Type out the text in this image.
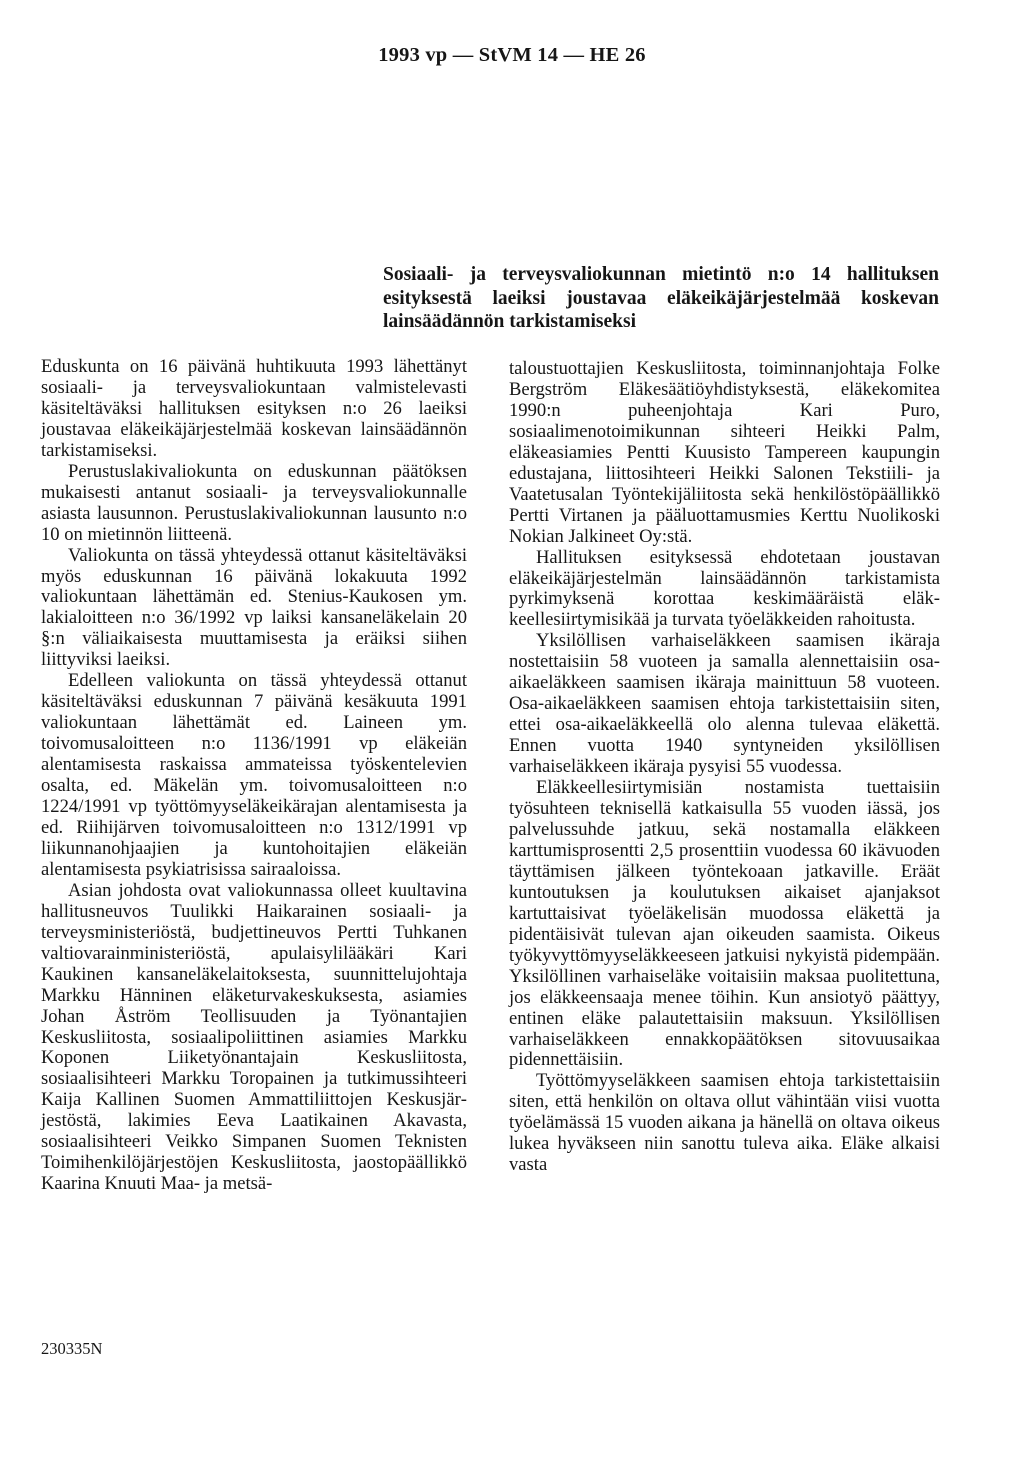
1993 vp — StVM 14 — HE 26
Sosiaali- ja terveysvaliokunnan mietintö n:o 14 hallituksen esityksestä laeiksi joustavaa eläkeikäjärjestelmää koskevan lainsäädännön tarkistamiseksi

Eduskunta on 16 päivänä huhtikuuta 1993 lähettänyt sosiaali- ja terveysvaliokuntaan valmistelevasti käsiteltäväksi hallituksen esityksen n:o 26 laeiksi joustavaa eläkeikäjärjestelmää koskevan lainsäädännön tarkistamiseksi.

Perustuslakivaliokunta on eduskunnan päätöksen mukaisesti antanut sosiaali- ja terveysvaliokunnalle asiasta lausunnon. Perustuslakivaliokunnan lausunto n:o 10 on mietinnön liitteenä.

Valiokunta on tässä yhteydessä ottanut käsiteltäväksi myös eduskunnan 16 päivänä lokakuuta 1992 valiokuntaan lähettämän ed. Stenius-Kaukosen ym. lakialoitteen n:o 36/1992 vp laiksi kansaneläkelain 20 §:n väliaikaisesta muuttamisesta ja eräiksi siihen liittyviksi laeiksi.

Edelleen valiokunta on tässä yhteydessä ottanut käsiteltäväksi eduskunnan 7 päivänä kesäkuuta 1991 valiokuntaan lähettämät ed. Laineen ym. toivomusaloitteen n:o 1136/1991 vp eläkeiän alentamisesta raskaissa ammateissa työskentelevien osalta, ed. Mäkelän ym. toivomusaloitteen n:o 1224/1991 vp työttömyyseläkeikärajan alentamisesta ja ed. Riihijärven toivomusaloitteen n:o 1312/1991 vp liikunnanohjaajien ja kuntohoitajien eläkeiän alentamisesta psykiatrisissa sairaaloissa.

Asian johdosta ovat valiokunnassa olleet kuultavina hallitusneuvos Tuulikki Haikarainen sosiaali- ja terveysministeriöstä, budjettineuvos Pertti Tuhkanen valtiovarainministeriöstä, apulaisylilääkäri Kari Kaukinen kansaneläkelaitoksesta, suunnittelujohtaja Markku Hänninen eläketurvakeskuksesta, asiamies Johan Åström Teollisuuden ja Työnantajien Keskusliitosta, sosiaalipoliittinen asiamies Markku Koponen Liiketyönantajain Keskusliitosta, sosiaalisihteeri Markku Toropainen ja tutkimussihteeri Kaija Kallinen Suomen Ammattiliittojen Keskusjärjestöstä, lakimies Eeva Laatikainen Akavasta, sosiaalisihteeri Veikko Simpanen Suomen Teknisten Toimihenkilöjärjestöjen Keskusliitosta, jaostopäällikkö Kaarina Knuuti Maa- ja metsä-

taloustuottajien Keskusliitosta, toiminnanjohtaja Folke Bergström Eläkesäätiöyhdistyksestä, eläkekomitea 1990:n puheenjohtaja Kari Puro, sosiaalimenotoimikunnan sihteeri Heikki Palm, eläkeasiamies Pentti Kuusisto Tampereen kaupungin edustajana, liittosihteeri Heikki Salonen Tekstiili- ja Vaatetusalan Työntekijäliitosta sekä henkilöstöpäällikkö Pertti Virtanen ja pääluottamusmies Kerttu Nuolikoski Nokian Jalkineet Oy:stä.

Hallituksen esityksessä ehdotetaan joustavan eläkeikäjärjestelmän lainsäädännön tarkistamista pyrkimyksenä korottaa keskimääräistä eläkkeellesiirtymisikää ja turvata työeläkkeiden rahoitusta.

Yksilöllisen varhaiseläkkeen saamisen ikäraja nostettaisiin 58 vuoteen ja samalla alennettaisiin osa-aikaeläkkeen saamisen ikäraja mainittuun 58 vuoteen. Osa-aikaeläkkeen saamisen ehtoja tarkistettaisiin siten, ettei osa-aikaeläkkeellä olo alenna tulevaa eläkettä. Ennen vuotta 1940 syntyneiden yksilöllisen varhaiseläkkeen ikäraja pysyisi 55 vuodessa.

Eläkkeellesiirtymisiän nostamista tuettaisiin työsuhteen teknisellä katkaisulla 55 vuoden iässä, jos palvelussuhde jatkuu, sekä nostamalla eläkkeen karttumisprosentti 2,5 prosenttiin vuodessa 60 ikävuoden täyttämisen jälkeen työntekoaan jatkaville. Eräät kuntoutuksen ja koulutuksen aikaiset ajanjaksot kartuttaisivat työeläkelisän muodossa eläkettä ja pidentäisivät tulevan ajan oikeuden saamista. Oikeus työkyvyttömyyseläkkeeseen jatkuisi nykyistä pidempään. Yksilöllinen varhaiseläke voitaisiin maksaa puolitettuna, jos eläkkeensaaja menee töihin. Kun ansiotyö päättyy, entinen eläke palautettaisiin maksuun. Yksilöllisen varhaiseläkkeen ennakkopäätöksen sitovuusaikaa pidennettäisiin.

Työttömyyseläkkeen saamisen ehtoja tarkistettaisiin siten, että henkilön on oltava ollut vähintään viisi vuotta työelämässä 15 vuoden aikana ja hänellä on oltava oikeus lukea hyväkseen niin sanottu tuleva aika. Eläke alkaisi vasta

230335N
